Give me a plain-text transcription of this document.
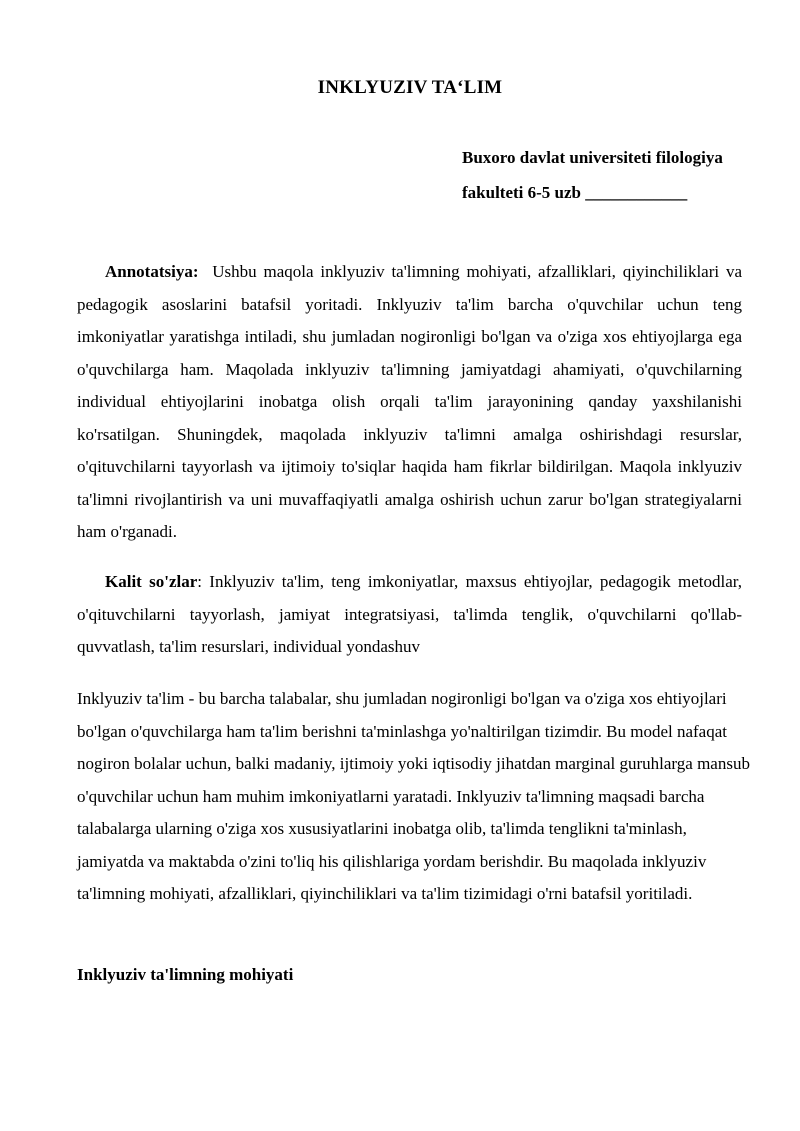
INKLYUZIV TA‘LIM
Buxoro davlat universiteti filologiya
fakulteti 6-5 uzb ____________
Annotatsiya: Ushbu maqola inklyuziv ta'limning mohiyati, afzalliklari, qiyinchiliklari va pedagogik asoslarini batafsil yoritadi. Inklyuziv ta'lim barcha o'quvchilar uchun teng imkoniyatlar yaratishga intiladi, shu jumladan nogironligi bo'lgan va o'ziga xos ehtiyojlarga ega o'quvchilarga ham. Maqolada inklyuziv ta'limning jamiyatdagi ahamiyati, o'quvchilarning individual ehtiyojlarini inobatga olish orqali ta'lim jarayonining qanday yaxshilanishi ko'rsatilgan. Shuningdek, maqolada inklyuziv ta'limni amalga oshirishdagi resurslar, o'qituvchilarni tayyorlash va ijtimoiy to'siqlar haqida ham fikrlar bildirilgan. Maqola inklyuziv ta'limni rivojlantirish va uni muvaffaqiyatli amalga oshirish uchun zarur bo'lgan strategiyalarni ham o'rganadi.
Kalit so'zlar: Inklyuziv ta'lim, teng imkoniyatlar, maxsus ehtiyojlar, pedagogik metodlar, o'qituvchilarni tayyorlash, jamiyat integratsiyasi, ta'limda tenglik, o'quvchilarni qo'llab-quvvatlash, ta'lim resurslari, individual yondashuv
Inklyuziv ta'lim - bu barcha talabalar, shu jumladan nogironligi bo'lgan va o'ziga xos ehtiyojlari bo'lgan o'quvchilarga ham ta'lim berishni ta'minlashga yo'naltirilgan tizimdir. Bu model nafaqat nogiron bolalar uchun, balki madaniy, ijtimoiy yoki iqtisodiy jihatdan marginal guruhlarga mansub o'quvchilar uchun ham muhim imkoniyatlarni yaratadi. Inklyuziv ta'limning maqsadi barcha talabalarga ularning o'ziga xos xususiyatlarini inobatga olib, ta'limda tenglikni ta'minlash, jamiyatda va maktabda o'zini to'liq his qilishlariga yordam berishdir. Bu maqolada inklyuziv ta'limning mohiyati, afzalliklari, qiyinchiliklari va ta'lim tizimidagi o'rni batafsil yoritiladi.
Inklyuziv ta'limning mohiyati
